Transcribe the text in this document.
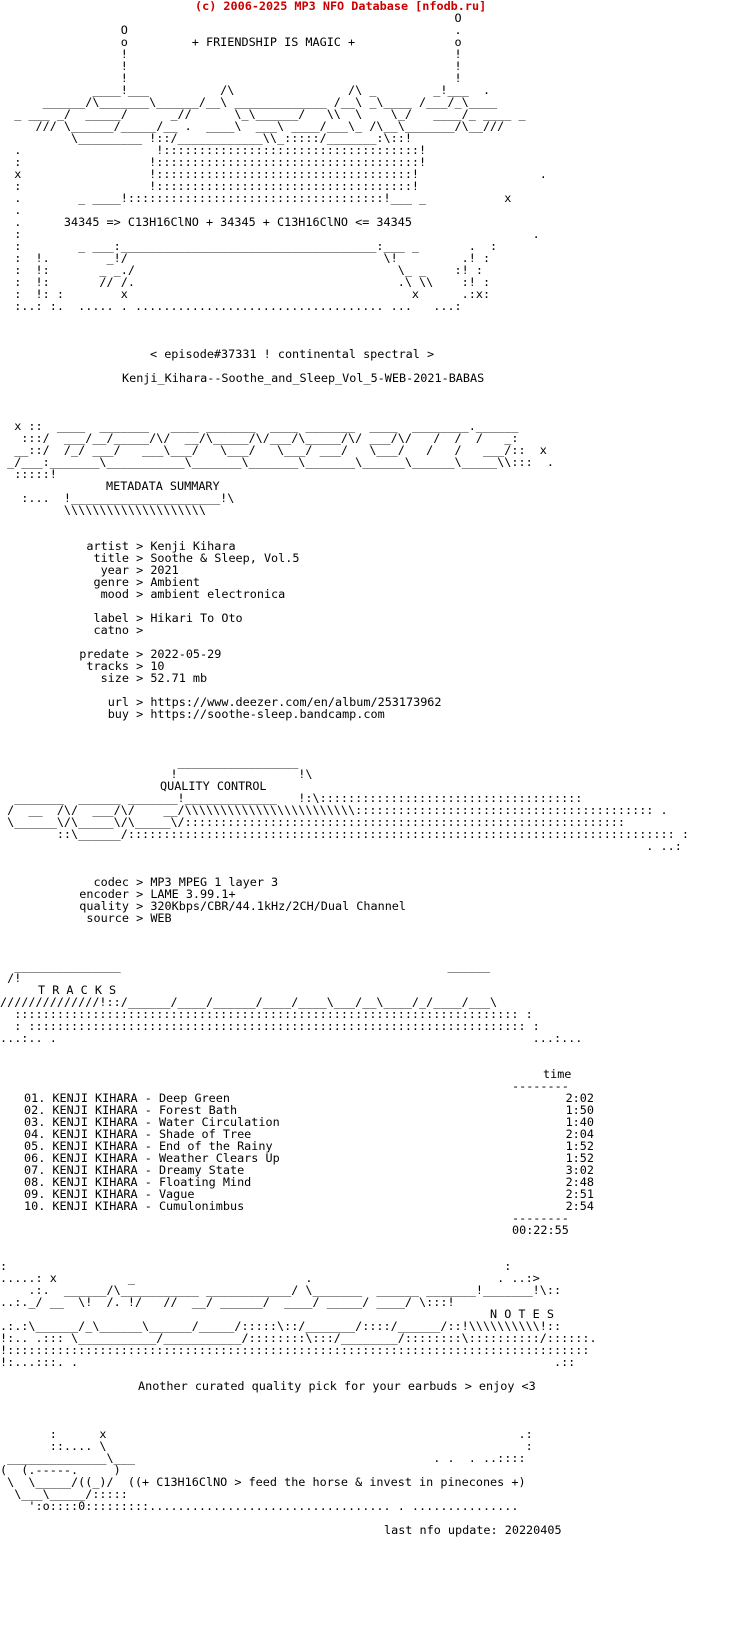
(c) 2006-2025 MP3 NFO Database [nfodb.ru]
O
O                                              .
o         + FRIENDSHIP IS MAGIC +              o
!                                              !
!                                              !
!                                              !
____!___          /\                /\ _        _!___  .
______/\_______\______/__\ _____________ /__\ _\____ /___/_\____
_ ___ _/  _____/      _//      \_\______/   \\  \    \_/   ____/_ ____ _
/// \______/_____/__ .  ____\  ___\ ____/___\_ /\__\_______/\__///
\_________ !::/____________\\_:::::/_______:\::!
.                   !::::::::::::::::::::::::::::::::::::!
:                  !:::::::::::::::::::::::::::::::::::::!
x                  !::::::::::::::::::::::::::::::::::::!                 .
:                  !::::::::::::::::::::::::::::::::::::!
.        _ ____!::::::::::::::::::::::::::::::::::::!___ _           x
.
.      34345 => C13H16ClNO + 34345 + C13H16ClNO <= 34345
:                                                                        .
:        _ ___:____________________________________:___ _       .  :
:  !.        _!/                                    \!         .! :
:  !:       _ _./                                     \_ _    :! :
:  !:       // /.                                     .\ \\    :! :
:  !: :        x                                        x      .:x:
:..: :.  ..... . ................................... ...   ...:

< episode#37331 ! continental spectral >

Kenji_Kihara--Soothe_and_Sleep_Vol_5-WEB-2021-BABAS

x ::  ____  _______   ____ _______  ____ _______  ____  ________.______
:::/  ___/__/_____/\/  __/\_____/\/___/\_____/\/ ___/\/   /  /  /   _:
__::/  /_/ ___/   ___\___/   \___/   \___/ ___/   \___/   /   /   ___/::  x
_/___:_______\___________\_______\_______\_______\______\______\_____\\:::  .
:::::!
METADATA SUMMARY
:...  !_____________________!\
\\\\\\\\\\\\\\\\\\\\

artist > Kenji Kihara
title > Soothe & Sleep, Vol.5
year > 2021
genre > Ambient
mood > ambient electronica

label > Hikari To Oto
catno >

predate > 2022-05-29
tracks > 10
size > 52.71 mb

url > https://www.deezer.com/en/album/253173962
buy > https://soothe-sleep.bandcamp.com

_________________
!                 !\
QUALITY CONTROL
_______  ______ _______!_____________   !:\:::::::::::::::::::::::::::::::::::::
/  __  /\/  ___/\/    __/\\\\\\\\\\\\\\\\\\\\\\\\:::::::::::::::::::::::::::::::::::::::::: .
\______\/\_____\/\_____\/::::::::::::::::::::::::::::::::::::::::::::::::::::::::::::::
::\______/::::::::::::::::::::::::::::::::::::::::::::::::::::::::::::::::::::::::::::: :
. ..:

codec > MP3 MPEG 1 layer 3
encoder > LAME 3.99.1+
quality > 320Kbps/CBR/44.1kHz/2CH/Dual Channel
source > WEB

_______________                                              ______
/!
T R A C K S
//////////////!::/______/____/______/____/____\___/__\____/_/____/___\
::::::::::::::::::::::::::::::::::::::::::::::::::::::::::::::::::::::: :
: :::::::::::::::::::::::::::::::::::::::::::::::::::::::::::::::::::::: :
...:.. .                                                                   ...:...

time
--------
01. KENJI KIHARA - Deep Green	2:02
02. KENJI KIHARA - Forest Bath	1:50
03. KENJI KIHARA - Water Circulation	1:40
04. KENJI KIHARA - Shade of Tree	2:04
05. KENJI KIHARA - End of the Rainy	1:52
06. KENJI KIHARA - Weather Clears Up	1:52
07. KENJI KIHARA - Dreamy State	3:02
08. KENJI KIHARA - Floating Mind	2:48
09. KENJI KIHARA - Vague	2:51
10. KENJI KIHARA - Cumulonimbus	2:54
--------
00:22:55

:                                                                      :
.....: x          _                        .                          . ..:>
.:.  ______/\___________ ____________/ \_______  ______ _______!_______!\::
..:._/ __  \!  /. !/   //  __/ ______/  ____/ _____/ ____/ \:::!
N O T E S
.:.:\______/_\______\______/_____/:::::\::/_______/::::/______/::!\\\\\\\\\\!::
!:.. .::: \___________/___________/::::::::\:::/________/::::::::\::::::::::/::::::.
!::::::::::::::::::::::::::::::::::::::::::::::::::::::::::::::::::::::::::::::::::
!:...:::. .                                                                   .::

Another curated quality pick for your earbuds > enjoy <3

:      x                                                          .:
::.... \                                                           :
______________\___                                          . .  . ..::::
(  (.-----.     )
\  \_____/((_)/  ((+ C13H16ClNO > feed the horse & invest in pinecones +)
\___\_____/:::::
':o::::0:::::::::.................................. . ...............

last nfo update: 20220405
